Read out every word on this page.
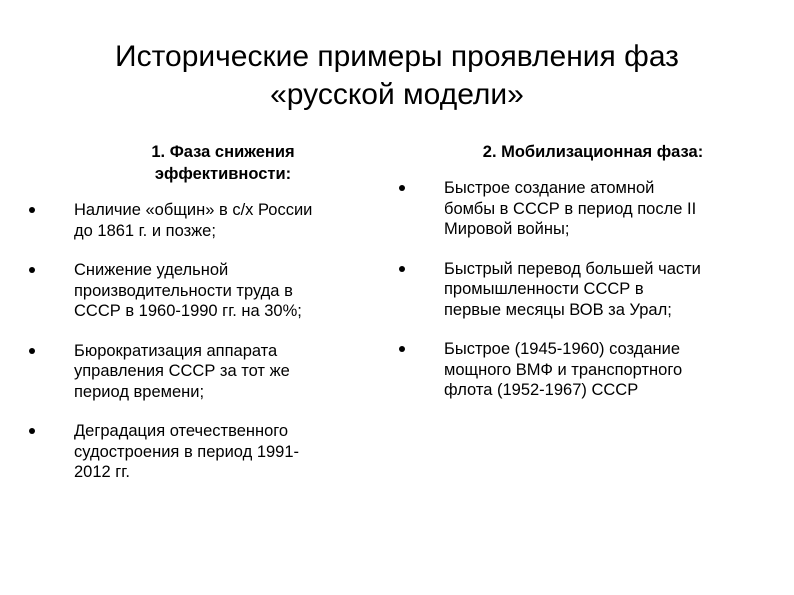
Исторические примеры проявления фаз
«русской модели»
1. Фаза снижения
эффективности:
2. Мобилизационная фаза:
Наличие «общин» в с/х России
до 1861 г. и позже;
Снижение удельной
производительности труда в
СССР в 1960-1990 гг. на 30%;
Бюрократизация аппарата
управления СССР за тот же
период времени;
Деградация отечественного
судостроения в период 1991-
2012 гг.
Быстрое создание атомной
бомбы в СССР в период после II
Мировой войны;
Быстрый перевод большей части
промышленности СССР в
первые месяцы ВОВ за Урал;
Быстрое (1945-1960) создание
мощного ВМФ и транспортного
флота (1952-1967) СССР
